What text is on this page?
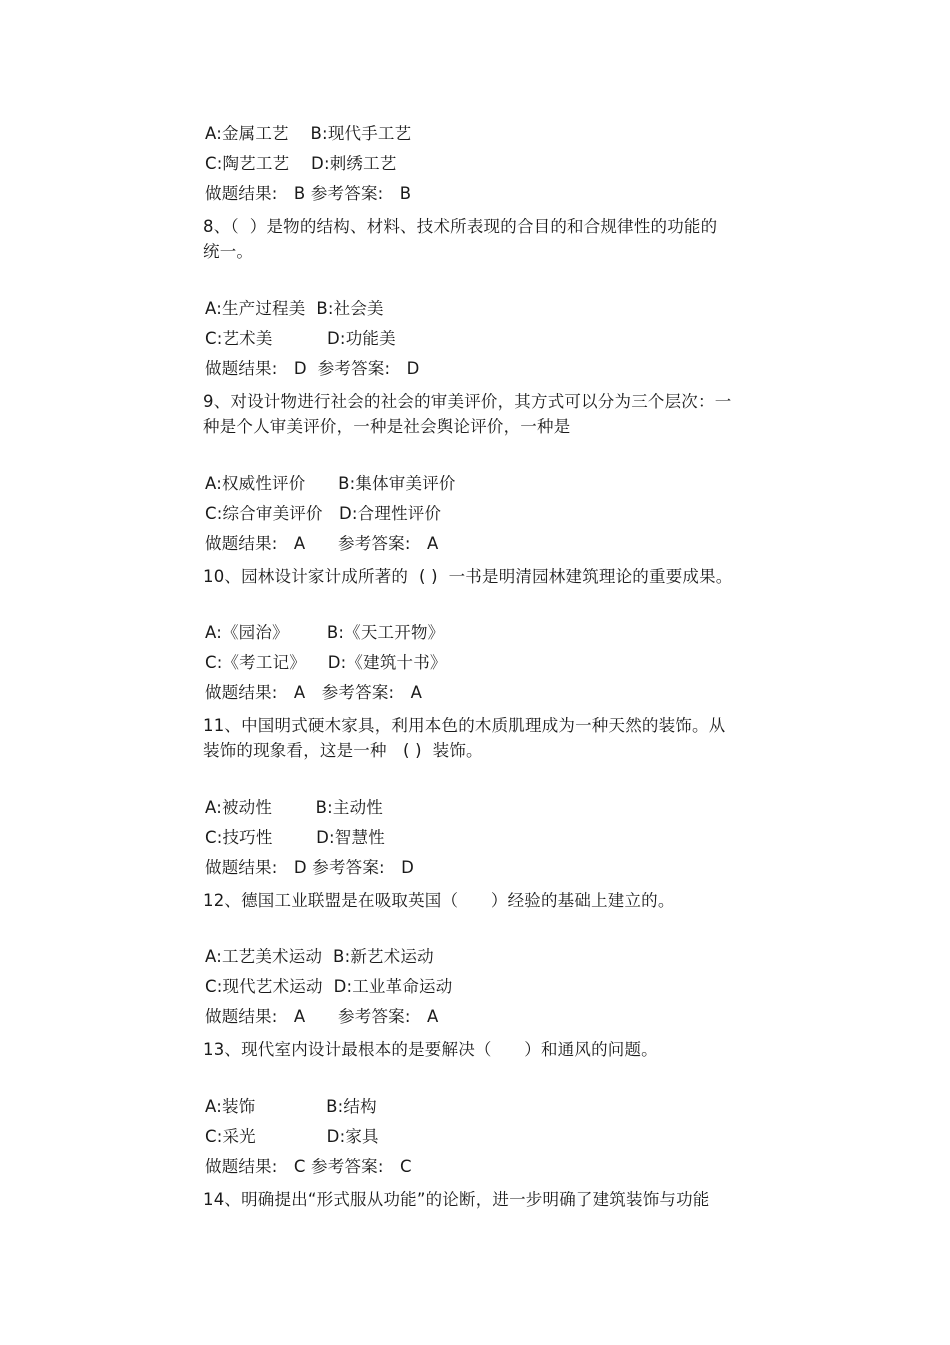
A:金属工艺    B:现代手工艺
C:陶艺工艺    D:刺绣工艺
做题结果:   B 参考答案:   B
8、（  ）是物的结构、材料、技术所表现的合目的和合规律性的功能的
统一。
A:生产过程美  B:社会美
C:艺术美          D:功能美
做题结果:   D  参考答案:   D
9、对设计物进行社会的社会的审美评价，其方式可以分为三个层次：一
种是个人审美评价，一种是社会舆论评价，一种是
A:权威性评价      B:集体审美评价
C:综合审美评价   D:合理性评价
做题结果:   A      参考答案:   A
10、园林设计家计成所著的  ( )  一书是明清园林建筑理论的重要成果。
A:《园治》       B:《天工开物》
C:《考工记》    D:《建筑十书》
做题结果:   A   参考答案:   A
11、中国明式硬木家具，利用本色的木质肌理成为一种天然的装饰。从
装饰的现象看，这是一种   ( )  装饰。
A:被动性        B:主动性
C:技巧性        D:智慧性
做题结果:   D 参考答案:   D
12、德国工业联盟是在吸取英国（      ）经验的基础上建立的。
A:工艺美术运动  B:新艺术运动
C:现代艺术运动  D:工业革命运动
做题结果:   A      参考答案:   A
13、现代室内设计最根本的是要解决（      ）和通风的问题。
A:装饰             B:结构
C:采光             D:家具
做题结果:   C 参考答案:   C
14、明确提出“形式服从功能”的论断，进一步明确了建筑装饰与功能
